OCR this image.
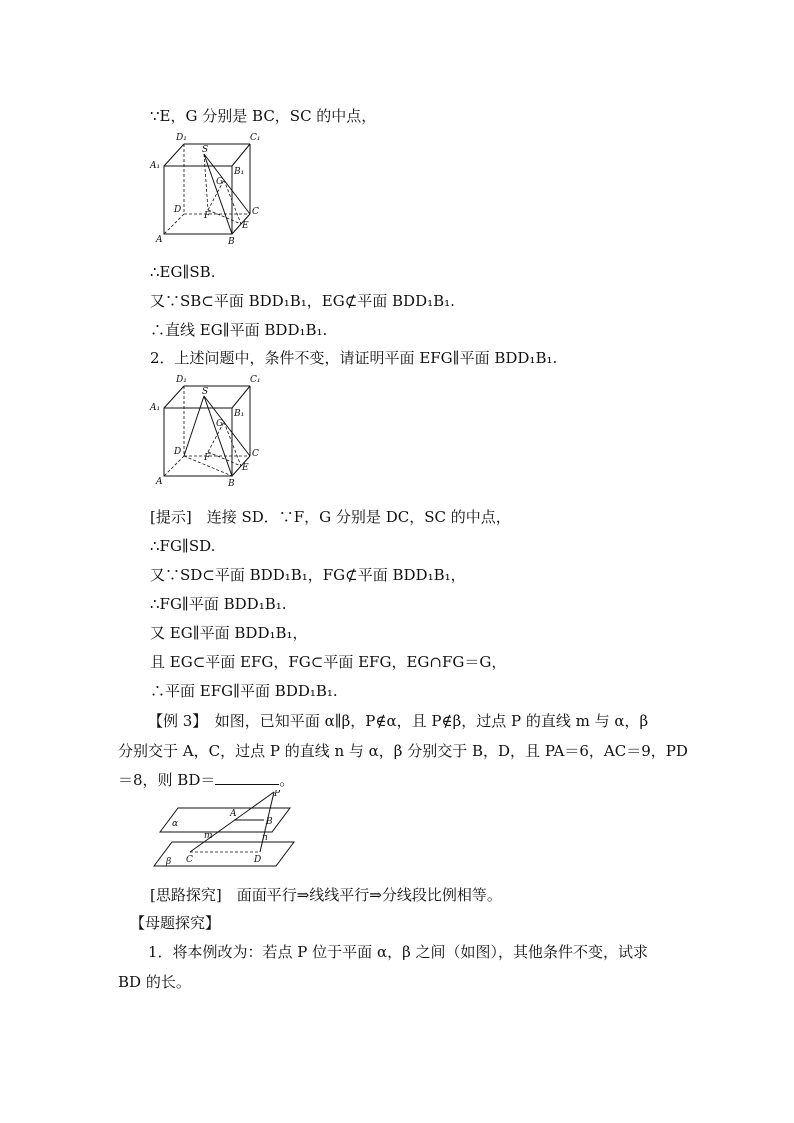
∵E，G 分别是 BC，SC 的中点，
D₁	C₁
A₁
B₁
S
G
D	C
F
E
A	B
∴EG∥SB.
又∵SB⊂平面 BDD₁B₁，EG⊄平面 BDD₁B₁.
∴直线 EG∥平面 BDD₁B₁.
2．上述问题中，条件不变，请证明平面 EFG∥平面 BDD₁B₁.
D₁	C₁
A₁
B₁
S
G
D	C
F
E
A	B
[提示]　连接 SD．∵F，G 分别是 DC，SC 的中点，
∴FG∥SD.
又∵SD⊂平面 BDD₁B₁，FG⊄平面 BDD₁B₁，
∴FG∥平面 BDD₁B₁.
又 EG∥平面 BDD₁B₁，
且 EG⊂平面 EFG，FG⊂平面 EFG，EG∩FG＝G，
∴平面 EFG∥平面 BDD₁B₁.
【例 3】　如图，已知平面 α∥β，P∉α，且 P∉β，过点 P 的直线 m 与 α，β
分别交于 A，C，过点 P 的直线 n 与 α，β 分别交于 B，D，且 PA＝6，AC＝9，PD
＝8，则 BD＝	。
P
A
B
α
m	n
C	D
β
[思路探究]　面面平行⇒线线平行⇒分线段比例相等。
【母题探究】
1．将本例改为：若点 P 位于平面 α，β 之间（如图），其他条件不变，试求
BD 的长。
